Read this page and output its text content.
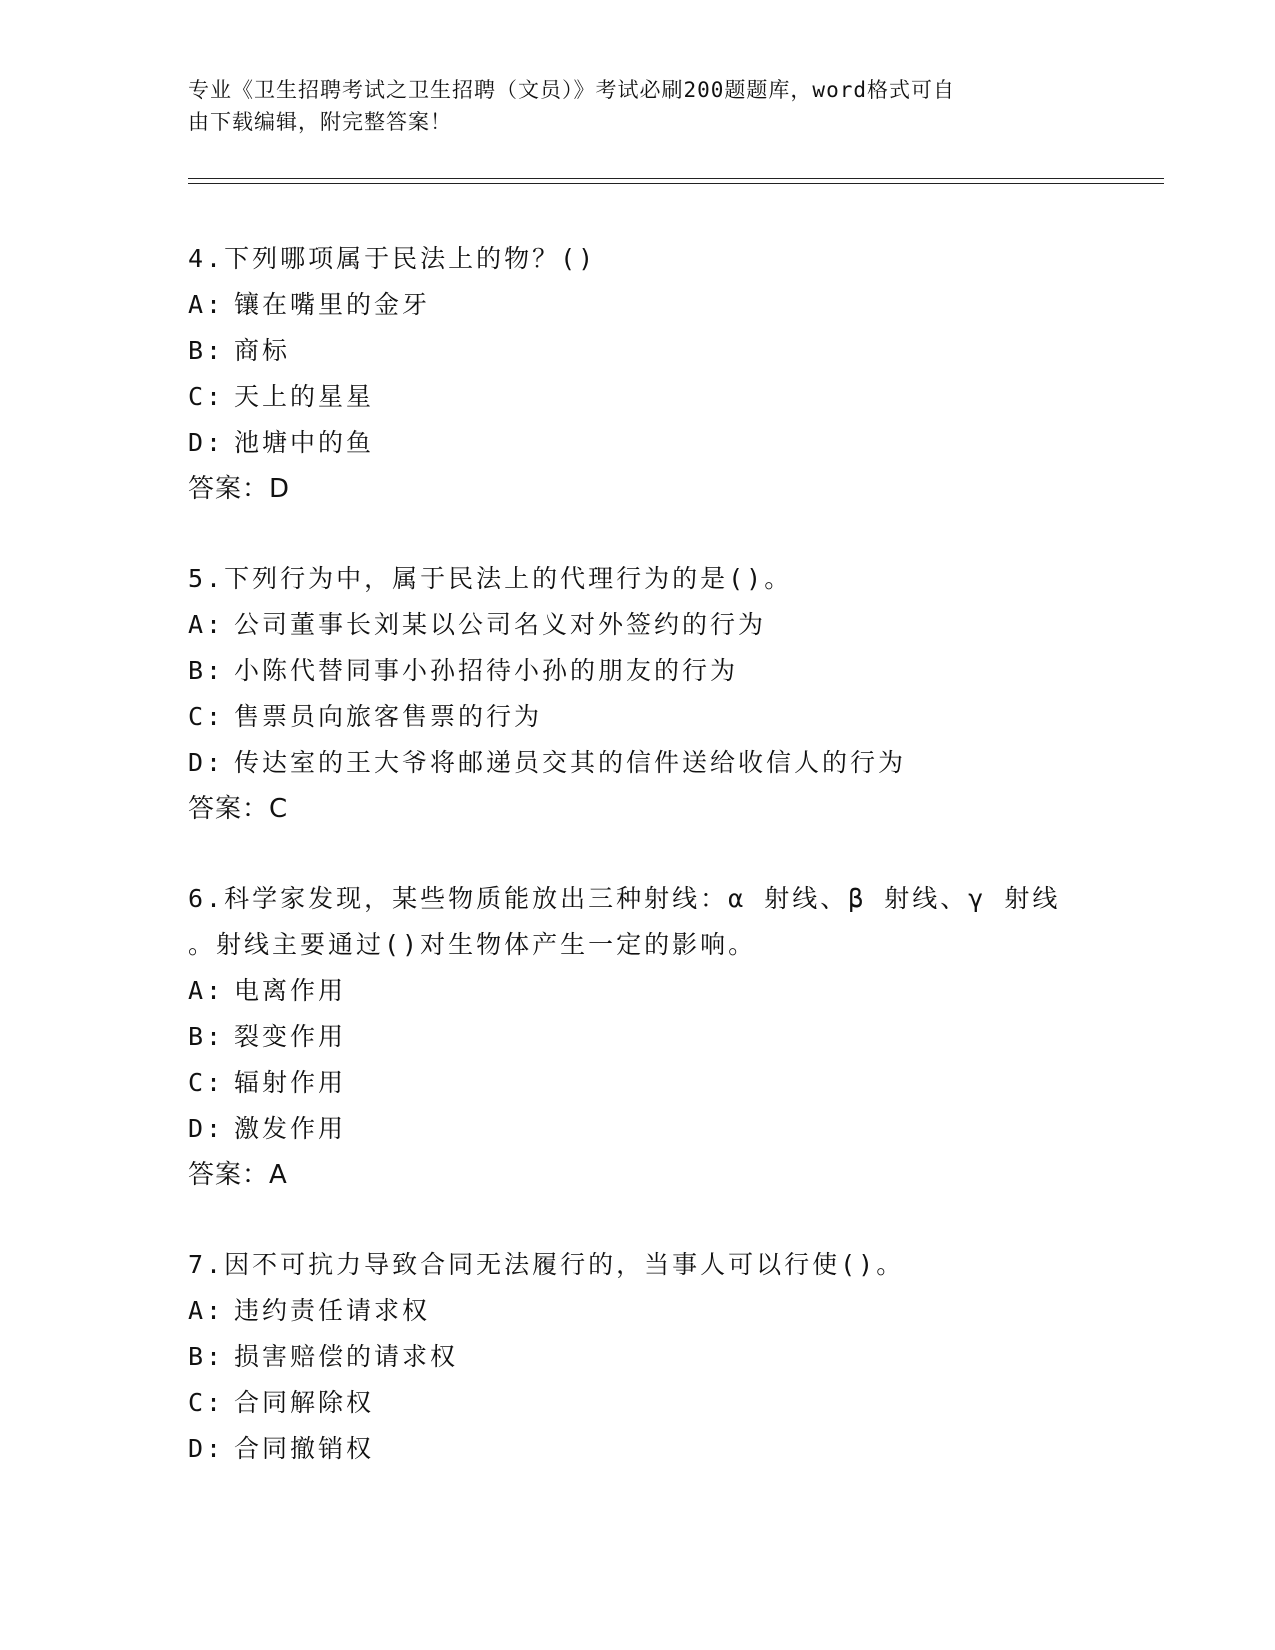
专业《卫生招聘考试之卫生招聘（文员）》考试必刷200题题库，word格式可自
由下载编辑，附完整答案！

4.下列哪项属于民法上的物？()

A: 镶在嘴里的金牙

B: 商标

C: 天上的星星

D: 池塘中的鱼

答案：D

5.下列行为中，属于民法上的代理行为的是()。

A: 公司董事长刘某以公司名义对外签约的行为

B: 小陈代替同事小孙招待小孙的朋友的行为

C: 售票员向旅客售票的行为

D: 传达室的王大爷将邮递员交其的信件送给收信人的行为

答案：C

6.科学家发现，某些物质能放出三种射线：α 射线、β 射线、γ 射线

。射线主要通过()对生物体产生一定的影响。

A: 电离作用

B: 裂变作用

C: 辐射作用

D: 激发作用

答案：A

7.因不可抗力导致合同无法履行的，当事人可以行使()。

A: 违约责任请求权

B: 损害赔偿的请求权

C: 合同解除权

D: 合同撤销权
